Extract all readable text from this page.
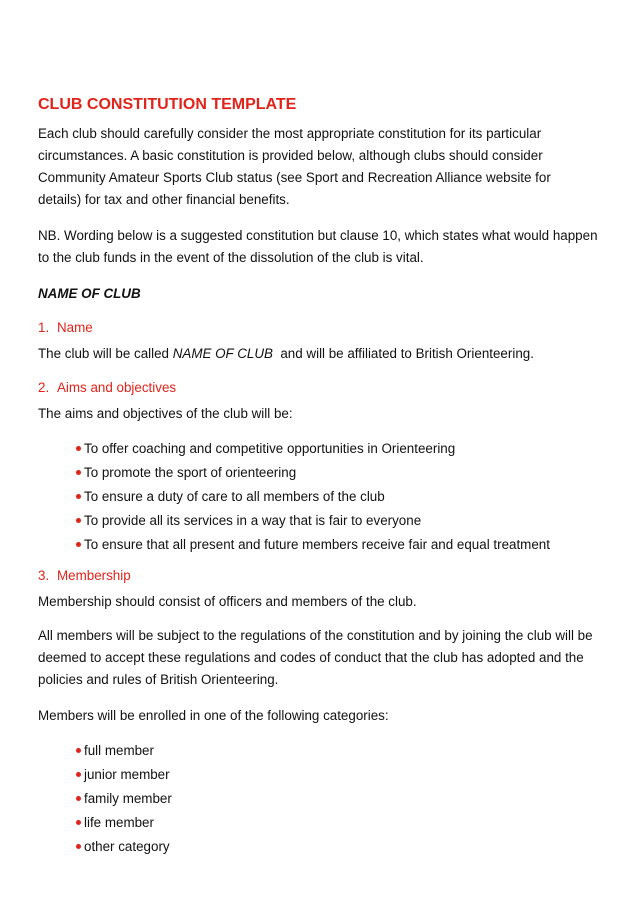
CLUB CONSTITUTION TEMPLATE
Each club should carefully consider the most appropriate constitution for its particular
circumstances. A basic constitution is provided below, although clubs should consider
Community Amateur Sports Club status (see Sport and Recreation Alliance website for
details) for tax and other financial benefits.
NB. Wording below is a suggested constitution but clause 10, which states what would happen
to the club funds in the event of the dissolution of the club is vital.
NAME OF CLUB
1. Name
The club will be called NAME OF CLUB  and will be affiliated to British Orienteering.
2. Aims and objectives
The aims and objectives of the club will be:
To offer coaching and competitive opportunities in Orienteering
To promote the sport of orienteering
To ensure a duty of care to all members of the club
To provide all its services in a way that is fair to everyone
To ensure that all present and future members receive fair and equal treatment
3. Membership
Membership should consist of officers and members of the club.
All members will be subject to the regulations of the constitution and by joining the club will be
deemed to accept these regulations and codes of conduct that the club has adopted and the
policies and rules of British Orienteering.
Members will be enrolled in one of the following categories:
full member
junior member
family member
life member
other category
